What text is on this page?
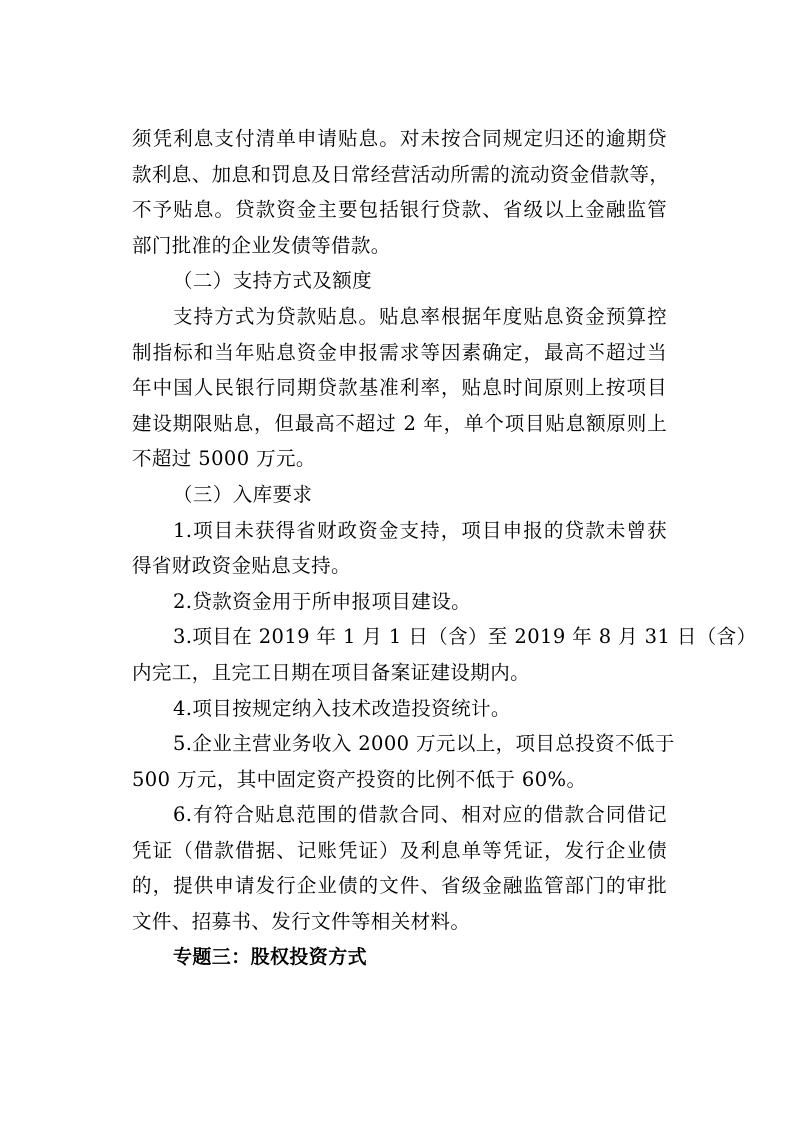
须凭利息支付清单申请贴息。对未按合同规定归还的逾期贷
款利息、加息和罚息及日常经营活动所需的流动资金借款等，
不予贴息。贷款资金主要包括银行贷款、省级以上金融监管
部门批准的企业发债等借款。
（二）支持方式及额度
支持方式为贷款贴息。贴息率根据年度贴息资金预算控
制指标和当年贴息资金申报需求等因素确定，最高不超过当
年中国人民银行同期贷款基准利率，贴息时间原则上按项目
建设期限贴息，但最高不超过 2 年，单个项目贴息额原则上
不超过 5000 万元。
（三）入库要求
1.项目未获得省财政资金支持，项目申报的贷款未曾获
得省财政资金贴息支持。
2.贷款资金用于所申报项目建设。
3.项目在 2019 年 1 月 1 日（含）至 2019 年 8 月 31 日（含）
内完工，且完工日期在项目备案证建设期内。
4.项目按规定纳入技术改造投资统计。
5.企业主营业务收入 2000 万元以上，项目总投资不低于
500 万元，其中固定资产投资的比例不低于 60%。
6.有符合贴息范围的借款合同、相对应的借款合同借记
凭证（借款借据、记账凭证）及利息单等凭证，发行企业债
的，提供申请发行企业债的文件、省级金融监管部门的审批
文件、招募书、发行文件等相关材料。
专题三：股权投资方式
